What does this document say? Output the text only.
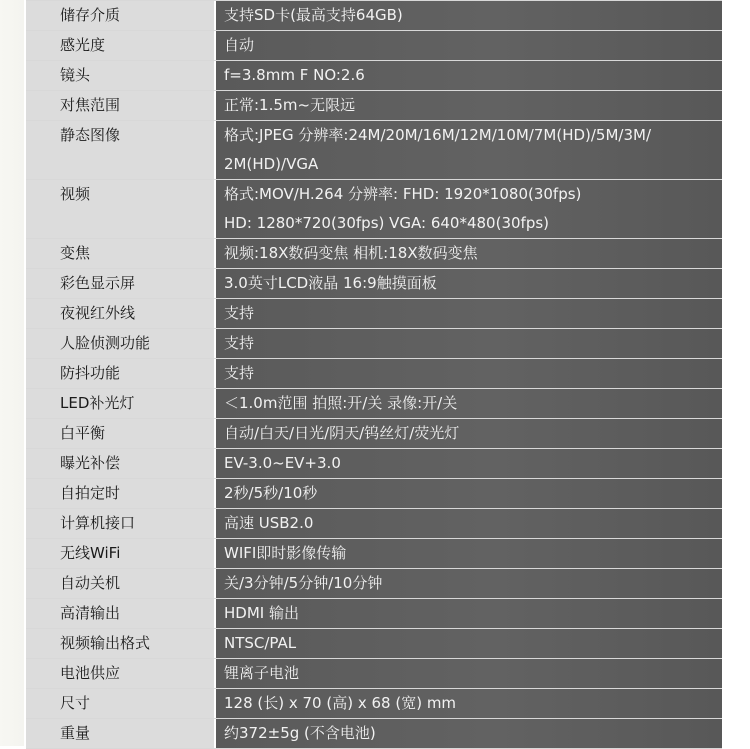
储存介质	支持SD卡(最高支持64GB)
感光度	自动
镜头	f=3.8mm F NO:2.6
对焦范围	正常:1.5m~无限远
静态图像	格式:JPEG 分辨率:24M/20M/16M/12M/10M/7M(HD)/5M/3M/
2M(HD)/VGA
视频	格式:MOV/H.264 分辨率: FHD: 1920*1080(30fps)
HD: 1280*720(30fps) VGA: 640*480(30fps)
变焦	视频:18X数码变焦 相机:18X数码变焦
彩色显示屏	3.0英寸LCD液晶 16:9触摸面板
夜视红外线	支持
人脸侦测功能	支持
防抖功能	支持
LED补光灯	＜1.0m范围 拍照:开/关 录像:开/关
白平衡	自动/白天/日光/阴天/钨丝灯/荧光灯
曝光补偿	EV-3.0~EV+3.0
自拍定时	2秒/5秒/10秒
计算机接口	高速 USB2.0
无线WiFi	WIFI即时影像传输
自动关机	关/3分钟/5分钟/10分钟
高清输出	HDMI 输出
视频输出格式	NTSC/PAL
电池供应	锂离子电池
尺寸	128 (长) x 70 (高) x 68 (宽) mm
重量	约372±5g (不含电池)
